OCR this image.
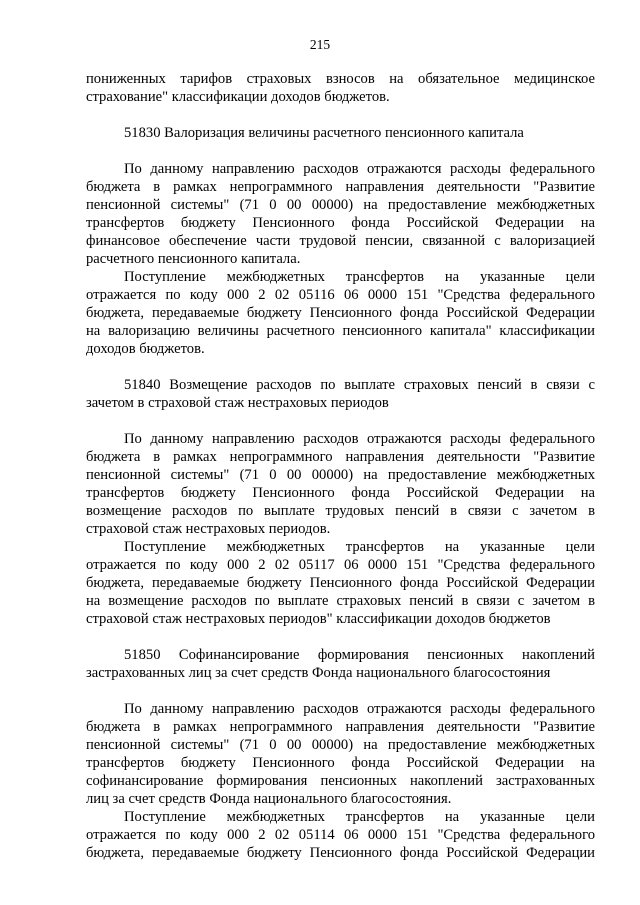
215
пониженных тарифов страховых взносов на обязательное медицинское
страхование" классификации доходов бюджетов.
51830 Валоризация величины расчетного пенсионного капитала
По данному направлению расходов отражаются расходы федерального
бюджета в рамках непрограммного направления деятельности "Развитие
пенсионной системы" (71 0 00 00000) на предоставление межбюджетных
трансфертов бюджету Пенсионного фонда Российской Федерации на
финансовое обеспечение части трудовой пенсии, связанной с валоризацией
расчетного пенсионного капитала.
Поступление межбюджетных трансфертов на указанные цели
отражается по коду 000 2 02 05116 06 0000 151 "Средства федерального
бюджета, передаваемые бюджету Пенсионного фонда Российской Федерации
на валоризацию величины расчетного пенсионного капитала" классификации
доходов бюджетов.
51840 Возмещение расходов по выплате страховых пенсий в связи с
зачетом в страховой стаж нестраховых периодов
По данному направлению расходов отражаются расходы федерального
бюджета в рамках непрограммного направления деятельности "Развитие
пенсионной системы" (71 0 00 00000) на предоставление межбюджетных
трансфертов бюджету Пенсионного фонда Российской Федерации на
возмещение расходов по выплате трудовых пенсий в связи с зачетом в
страховой стаж нестраховых периодов.
Поступление межбюджетных трансфертов на указанные цели
отражается по коду 000 2 02 05117 06 0000 151 "Средства федерального
бюджета, передаваемые бюджету Пенсионного фонда Российской Федерации
на возмещение расходов по выплате страховых пенсий в связи с зачетом в
страховой стаж нестраховых периодов" классификации доходов бюджетов
51850 Софинансирование формирования пенсионных накоплений
застрахованных лиц за счет средств Фонда национального благосостояния
По данному направлению расходов отражаются расходы федерального
бюджета в рамках непрограммного направления деятельности "Развитие
пенсионной системы" (71 0 00 00000) на предоставление межбюджетных
трансфертов бюджету Пенсионного фонда Российской Федерации на
софинансирование формирования пенсионных накоплений застрахованных
лиц за счет средств Фонда национального благосостояния.
Поступление межбюджетных трансфертов на указанные цели
отражается по коду 000 2 02 05114 06 0000 151 "Средства федерального
бюджета, передаваемые бюджету Пенсионного фонда Российской Федерации
